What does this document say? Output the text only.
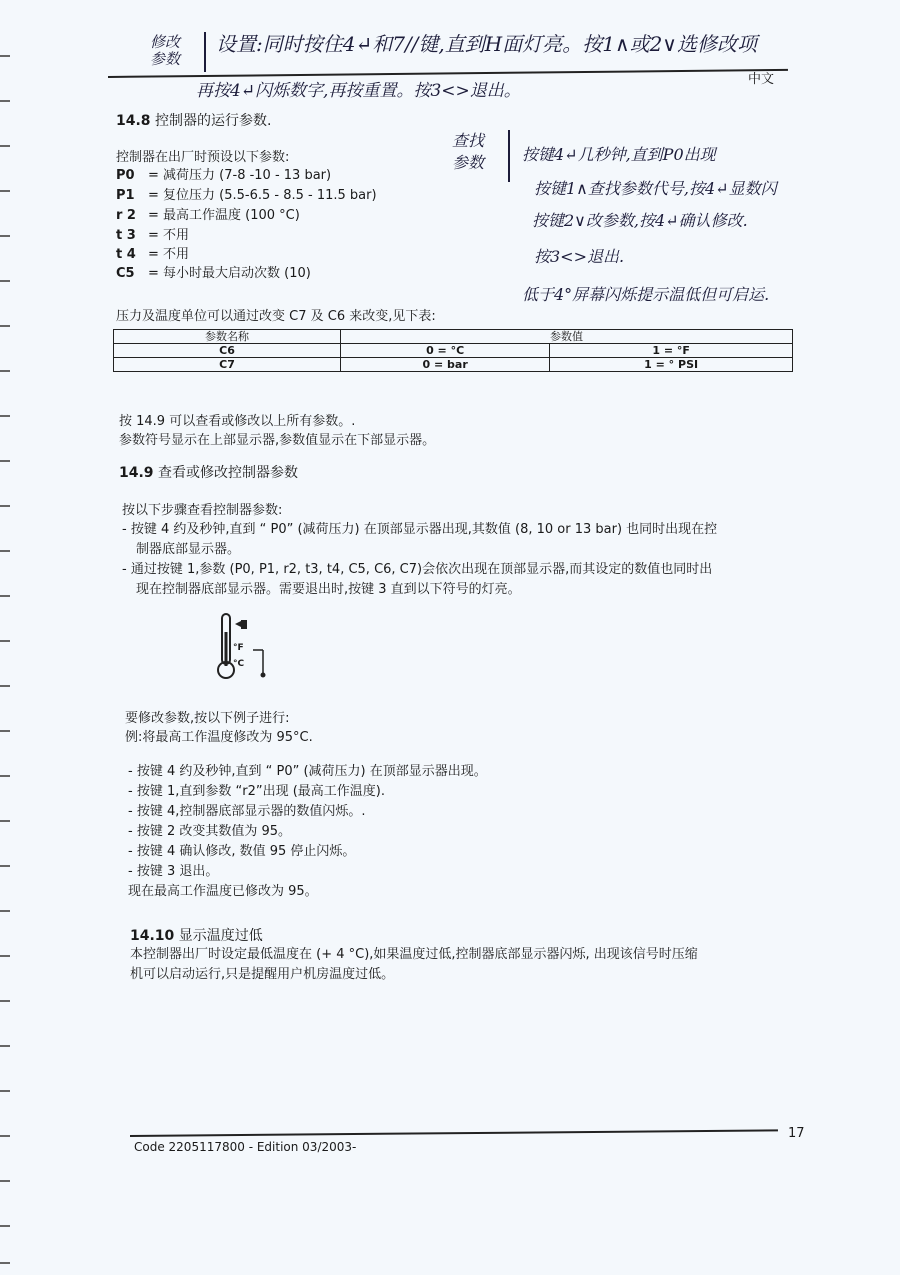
修改
参数
设置:同时按住4↵和7//键,直到H面灯亮。按1∧或2∨选修改项
再按4↵闪烁数字,再按重置。按3<>退出。
中文
14.8 控制器的运行参数.
控制器在出厂时预设以下参数:
P0 = 减荷压力 (7-8 -10 - 13 bar)
P1 = 复位压力 (5.5-6.5 - 8.5 - 11.5 bar)
r 2 = 最高工作温度 (100 °C)
t 3 = 不用
t 4 = 不用
C5 = 每小时最大启动次数 (10)
查找
参数 按键4↵几秒钟,直到P0出现
按键1∧查找参数代号,按4↵显数闪
按键2∨改参数,按4↵确认修改.
按3<>退出.
低于4°屏幕闪烁提示温低但可启运.
压力及温度单位可以通过改变 C7 及 C6 来改变,见下表:
参数名称	参数值	
C6	0 = °C	1 = °F
C7	0 = bar	1 = ° PSI
按 14.9 可以查看或修改以上所有参数。.
参数符号显示在上部显示器,参数值显示在下部显示器。
14.9 查看或修改控制器参数
按以下步骤查看控制器参数:
- 按键 4 约及秒钟,直到 “ P0” (减荷压力) 在顶部显示器出现,其数值 (8, 10 or 13 bar) 也同时出现在控
制器底部显示器。
- 通过按键 1,参数 (P0, P1, r2, t3, t4, C5, C6, C7)会依次出现在顶部显示器,而其设定的数值也同时出
现在控制器底部显示器。需要退出时,按键 3 直到以下符号的灯亮。
°F
°C
要修改参数,按以下例子进行:
例:将最高工作温度修改为 95°C.
- 按键 4 约及秒钟,直到 “ P0” (减荷压力) 在顶部显示器出现。
- 按键 1,直到参数 “r2”出现 (最高工作温度).
- 按键 4,控制器底部显示器的数值闪烁。.
- 按键 2 改变其数值为 95。
- 按键 4 确认修改, 数值 95 停止闪烁。
- 按键 3 退出。
现在最高工作温度已修改为 95。
14.10 显示温度过低
本控制器出厂时设定最低温度在 (+ 4 °C),如果温度过低,控制器底部显示器闪烁, 出现该信号时压缩
机可以启动运行,只是提醒用户机房温度过低。
Code 2205117800 - Edition 03/2003-
17
